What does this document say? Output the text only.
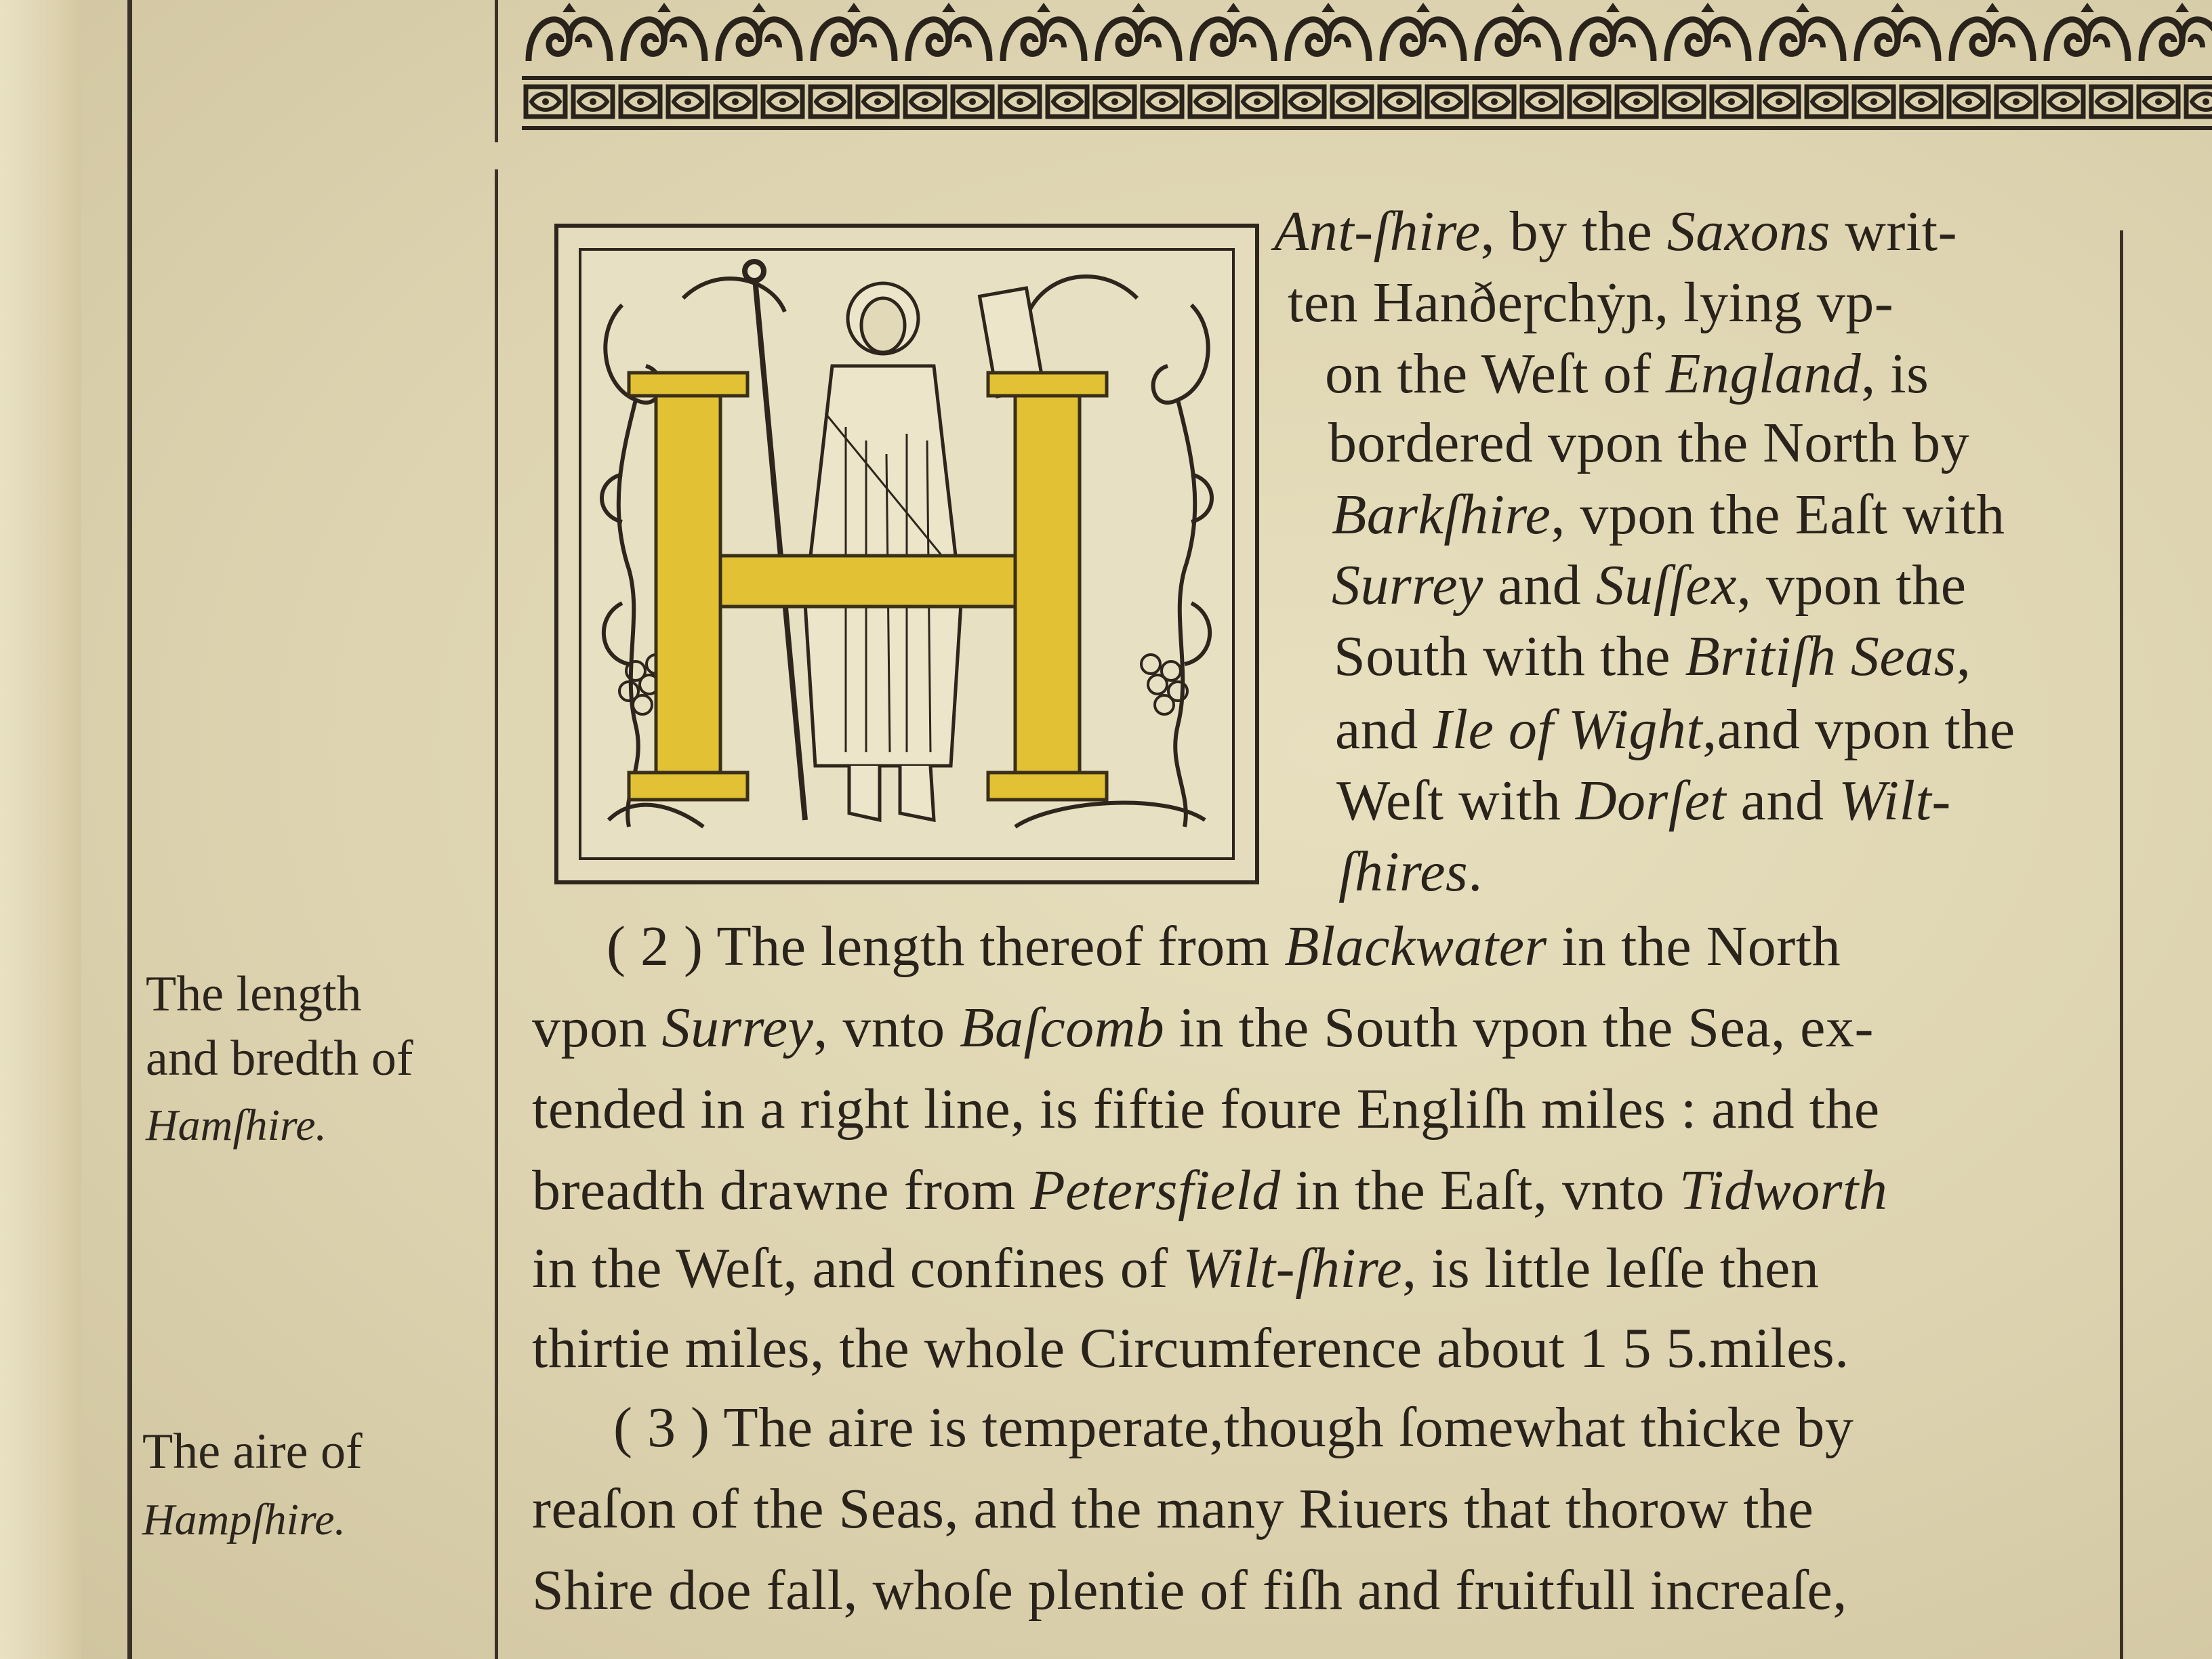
H	Ant-ſhire, by the Saxons writ-
ten Hanðeɼchẏɲ, lying vp-
on the Weſt of England, is
bordered vpon the North by
Barkſhire, vpon the Eaſt with
Surrey and Suſſex, vpon the
South with the Britiſh Seas,
and Ile of Wight,and vpon the
Weſt with Dorſet and Wilt-
ſhires.
( 2 ) The length thereof from Blackwater in the North
vpon Surrey, vnto Baſcomb in the South vpon the Sea, ex-
tended in a right line, is fiftie foure Engliſh miles : and the
breadth drawne from Petersfield in the Eaſt, vnto Tidworth
in the Weſt, and confines of Wilt-ſhire, is little leſſe then
thirtie miles, the whole Circumference about 1 5 5.miles.
( 3 ) The aire is temperate,though ſomewhat thicke by
reaſon of the Seas, and the many Riuers that thorow the
Shire doe fall, whoſe plentie of fiſh and fruitfull increaſe,
The length
and bredth of
Hamſhire.
The aire of
Hampſhire.
